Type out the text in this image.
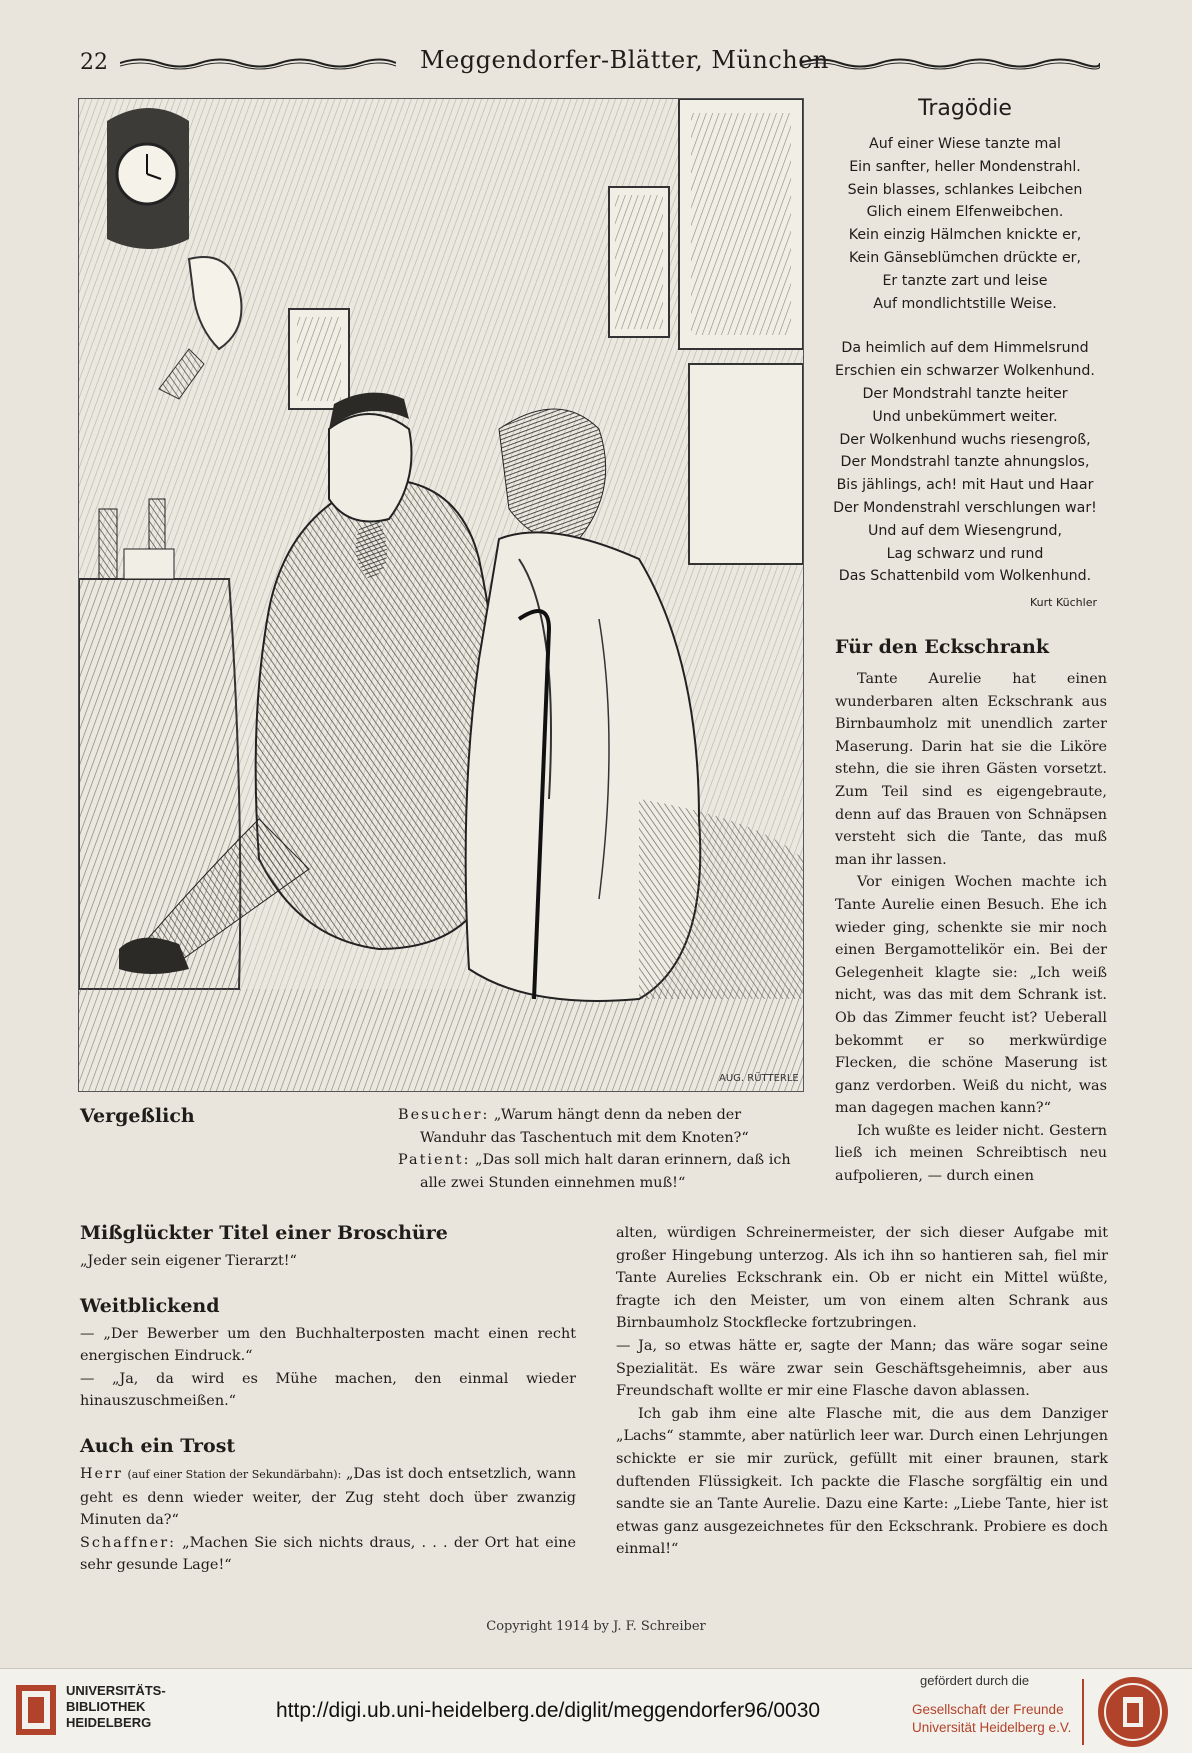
22	Meggendorfer-Blätter, München
AUG. RÜTTERLE
Tragödie

Auf einer Wiese tanzte mal

Ein sanfter, heller Mondenstrahl.

Sein blasses, schlankes Leibchen

Glich einem Elfenweibchen.

Kein einzig Hälmchen knickte er,

Kein Gänseblümchen drückte er,

Er tanzte zart und leise

Auf mondlichtstille Weise.

Da heimlich auf dem Himmelsrund

Erschien ein schwarzer Wolkenhund.

Der Mondstrahl tanzte heiter

Und unbekümmert weiter.

Der Wolkenhund wuchs riesengroß,

Der Mondstrahl tanzte ahnungslos,

Bis jählings, ach! mit Haut und Haar

Der Mondenstrahl verschlungen war!

Und auf dem Wiesengrund,

Lag schwarz und rund

Das Schattenbild vom Wolkenhund.

Kurt Küchler
Für den Eckschrank

Tante Aurelie hat einen wunderbaren alten Eckschrank aus Birnbaumholz mit unendlich zarter Maserung. Darin hat sie die Liköre stehn, die sie ihren Gästen vorsetzt. Zum Teil sind es eigengebraute, denn auf das Brauen von Schnäpsen versteht sich die Tante, das muß man ihr lassen.

Vor einigen Wochen machte ich Tante Aurelie einen Besuch. Ehe ich wieder ging, schenkte sie mir noch einen Bergamottelikör ein. Bei der Gelegenheit klagte sie: „Ich weiß nicht, was das mit dem Schrank ist. Ob das Zimmer feucht ist? Ueberall bekommt er so merkwürdige Flecken, die schöne Maserung ist ganz verdorben. Weiß du nicht, was man dagegen machen kann?“

Ich wußte es leider nicht. Gestern ließ ich meinen Schreibtisch neu aufpolieren, — durch einen

Vergeßlich	Besucher: „Warum hängt denn da neben der Wanduhr das Taschentuch mit dem Knoten?“

Patient: „Das soll mich halt daran erinnern, daß ich alle zwei Stunden einnehmen muß!“

alten, würdigen Schreinermeister, der sich dieser Aufgabe mit großer Hingebung unterzog. Als ich ihn so hantieren sah, fiel mir Tante Aurelies Eckschrank ein. Ob er nicht ein Mittel wüßte, fragte ich den Meister, um von einem alten Schrank aus Birnbaumholz Stockflecke fortzubringen.

— Ja, so etwas hätte er, sagte der Mann; das wäre sogar seine Spezialität. Es wäre zwar sein Geschäftsgeheimnis, aber aus Freundschaft wollte er mir eine Flasche davon ablassen.

Ich gab ihm eine alte Flasche mit, die aus dem Danziger „Lachs“ stammte, aber natürlich leer war. Durch einen Lehrjungen schickte er sie mir zurück, gefüllt mit einer braunen, stark duftenden Flüssigkeit. Ich packte die Flasche sorgfältig ein und sandte sie an Tante Aurelie. Dazu eine Karte: „Liebe Tante, hier ist etwas ganz ausgezeichnetes für den Eckschrank. Probiere es doch einmal!“

Mißglückter Titel einer Broschüre

„Jeder sein eigener Tierarzt!“

Weitblickend

— „Der Bewerber um den Buchhalterposten macht einen recht energischen Eindruck.“

— „Ja, da wird es Mühe machen, den einmal wieder hinauszuschmeißen.“

Auch ein Trost

Herr (auf einer Station der Sekundärbahn): „Das ist doch entsetzlich, wann geht es denn wieder weiter, der Zug steht doch über zwanzig Minuten da?“

Schaffner: „Machen Sie sich nichts draus, . . . der Ort hat eine sehr gesunde Lage!“

Copyright 1914 by J. F. Schreiber
UNIVERSITÄTS-
BIBLIOTHEK
HEIDELBERG
http://digi.ub.uni-heidelberg.de/diglit/meggendorfer96/0030
gefördert durch die
Gesellschaft der Freunde
Universität Heidelberg e.V.
